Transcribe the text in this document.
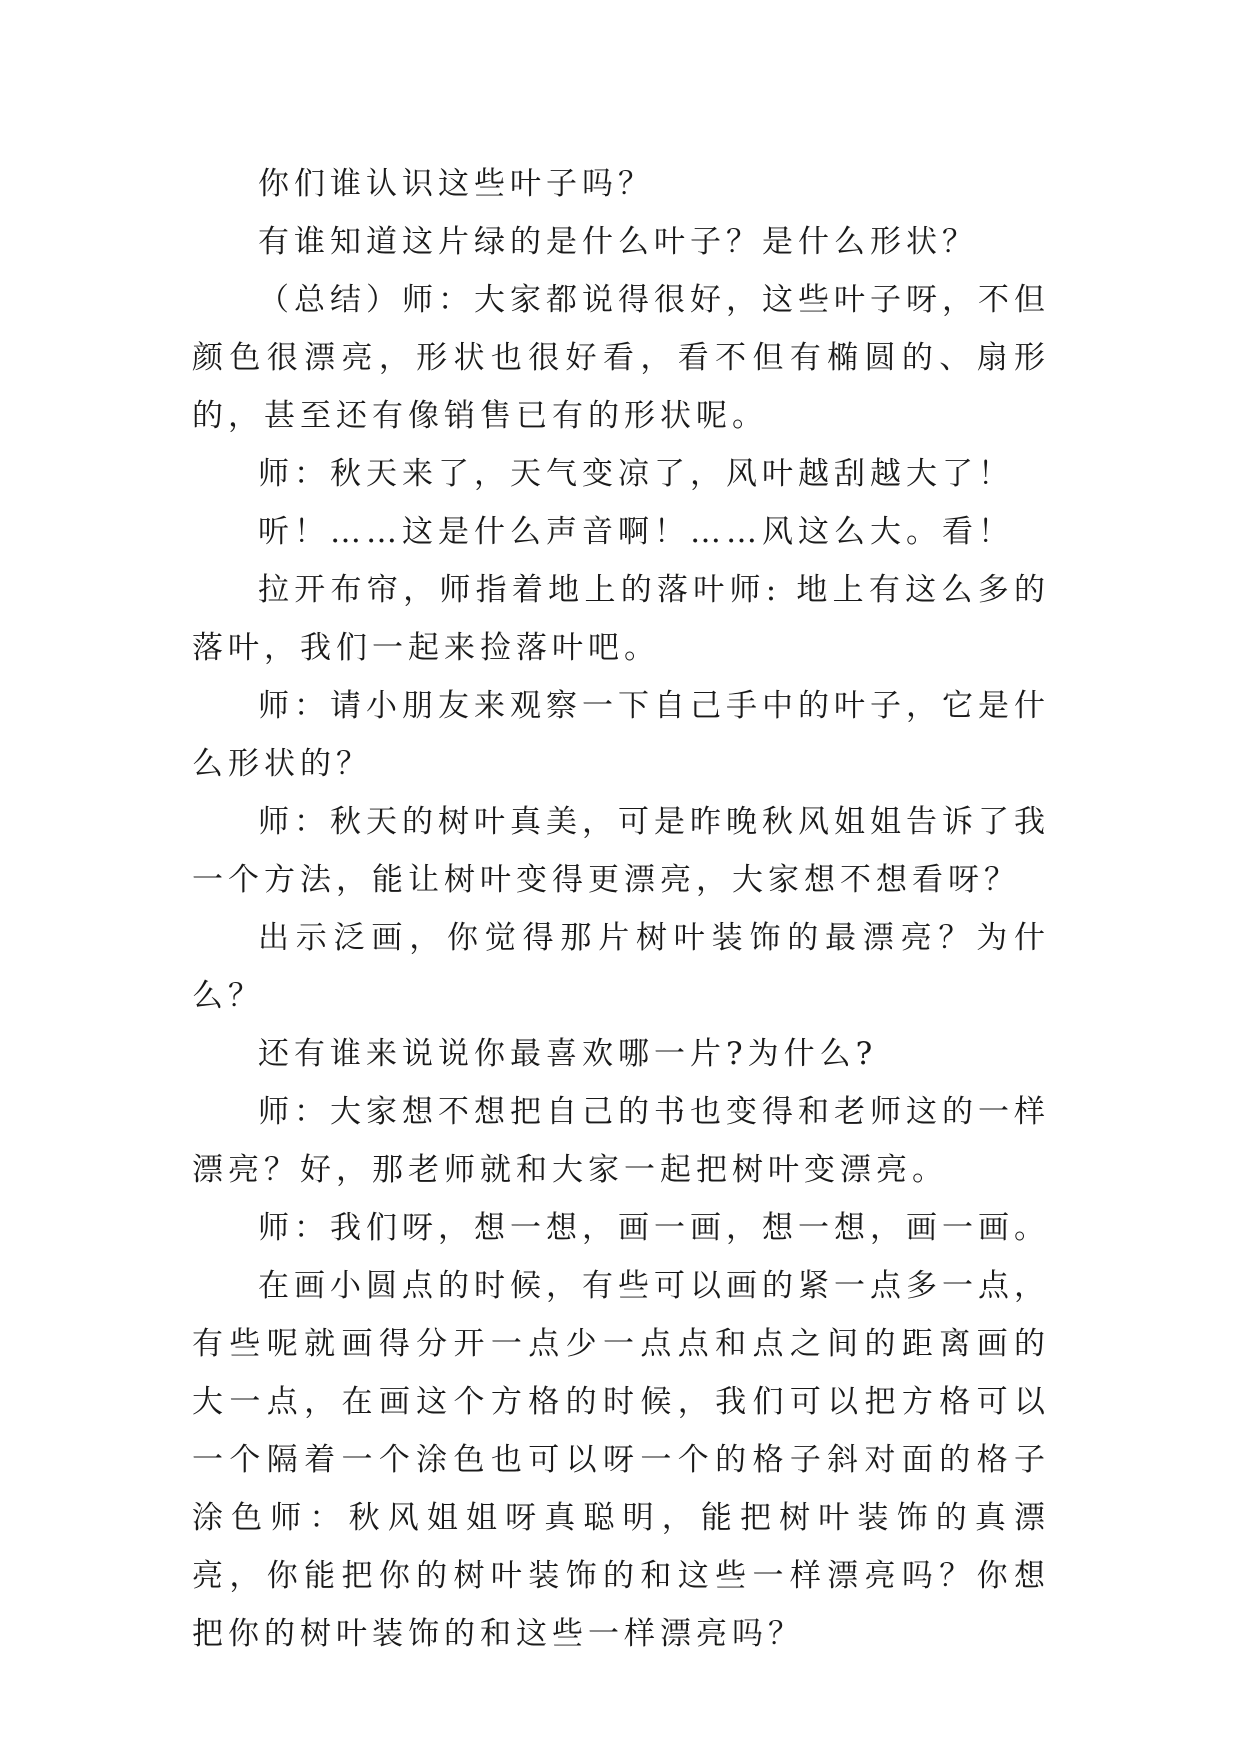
你们谁认识这些叶子吗？

有谁知道这片绿的是什么叶子？是什么形状？

（总结）师：大家都说得很好，这些叶子呀，不但颜色很漂亮，形状也很好看，看不但有椭圆的、扇形的，甚至还有像销售已有的形状呢。

师：秋天来了，天气变凉了，风叶越刮越大了！

听！……这是什么声音啊！……风这么大。看！

拉开布帘，师指着地上的落叶师: 地上有这么多的落叶，我们一起来捡落叶吧。

师：请小朋友来观察一下自己手中的叶子，它是什么形状的？

师：秋天的树叶真美，可是昨晚秋风姐姐告诉了我一个方法，能让树叶变得更漂亮，大家想不想看呀？

出示泛画，你觉得那片树叶装饰的最漂亮？为什么？

还有谁来说说你最喜欢哪一片?为什么?

师：大家想不想把自己的书也变得和老师这的一样漂亮？好，那老师就和大家一起把树叶变漂亮。

师：我们呀，想一想，画一画，想一想，画一画。

在画小圆点的时候，有些可以画的紧一点多一点，有些呢就画得分开一点少一点点和点之间的距离画的大一点，在画这个方格的时候，我们可以把方格可以一个隔着一个涂色也可以呀一个的格子斜对面的格子涂色师：秋风姐姐呀真聪明，能把树叶装饰的真漂亮，你能把你的树叶装饰的和这些一样漂亮吗？你想把你的树叶装饰的和这些一样漂亮吗？
